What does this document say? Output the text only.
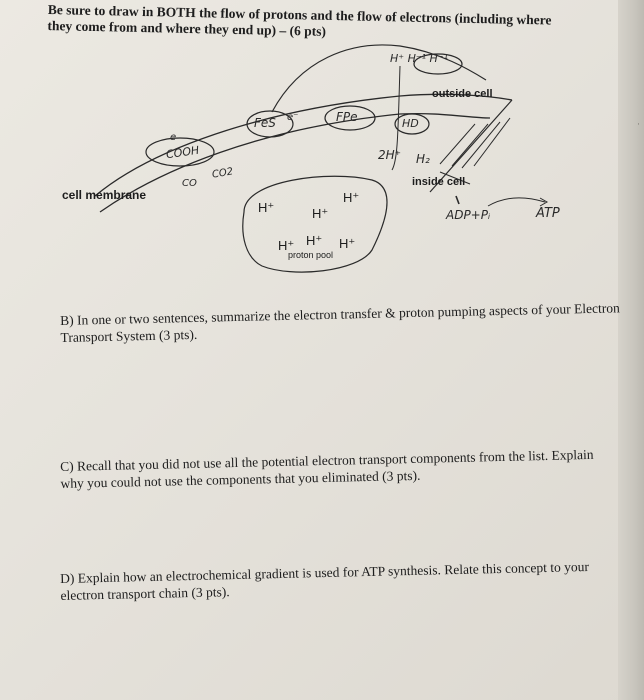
·
Be sure to draw in BOTH the flow of protons and the flow of electrons (including where they come from and where they end up) – (6 pts)
outside cell
inside cell
cell membrane
proton pool
H⁺	H⁺
H⁺
H⁺ H⁺ H⁺
COOH
e
CO2
CO
FeS e⁻	FPe	HD
2H⁺ H₂
H⁺ H⁻¹ H⁻¹
ADP+Pᵢ	ATP
B) In one or two sentences, summarize the electron transfer & proton pumping aspects of your Electron Transport System (3 pts).
C) Recall that you did not use all the potential electron transport components from the list. Explain why you could not use the components that you eliminated (3 pts).
D) Explain how an electrochemical gradient is used for ATP synthesis. Relate this concept to your electron transport chain (3 pts).
